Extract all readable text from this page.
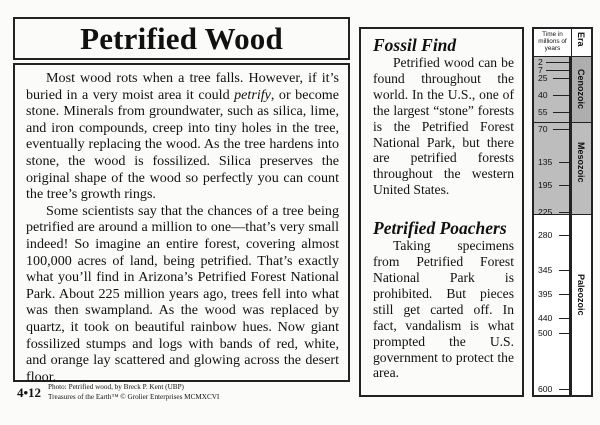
Petrified Wood

Most wood rots when a tree falls. However, if it’s buried in a very moist area it could petrify, or become stone. Minerals from groundwater, such as silica, lime, and iron compounds, creep into tiny holes in the tree, eventually replacing the wood. As the tree hardens into stone, the wood is fossilized. Silica preserves the original shape of the wood so perfectly you can count the tree’s growth rings.

Some scientists say that the chances of a tree being petrified are around a million to one—that’s very small indeed! So imagine an entire forest, covering almost 100,000 acres of land, being petrified. That’s exactly what you’ll find in Arizona’s Petrified Forest National Park. About 225 million years ago, trees fell into what was then swampland. As the wood was replaced by quartz, it took on beautiful rainbow hues. Now giant fossilized stumps and logs with bands of red, white, and orange lay scattered and glowing across the desert floor.

Fossil Find

Petrified wood can be found throughout the world. In the U.S., one of the largest “stone” forests is the Petrified Forest National Park, but there are petrified forests throughout the western United States.

Petrified Poachers

Taking specimens from Petrified Forest National Park is prohibited. But pieces still get carted off. In fact, vandalism is what prompted the U.S. government to protect the area.

4•12 Photo: Petrified wood, by Breck P. Kent (UBP)
Treasures of the Earth™ © Grolier Enterprises MCMXCVI
Time in millions of years
Era
Cenozoic
Mesozoic
Paleozoic
2
7
25
40
55
70
135
195
225
280
345
395
440
500
600
